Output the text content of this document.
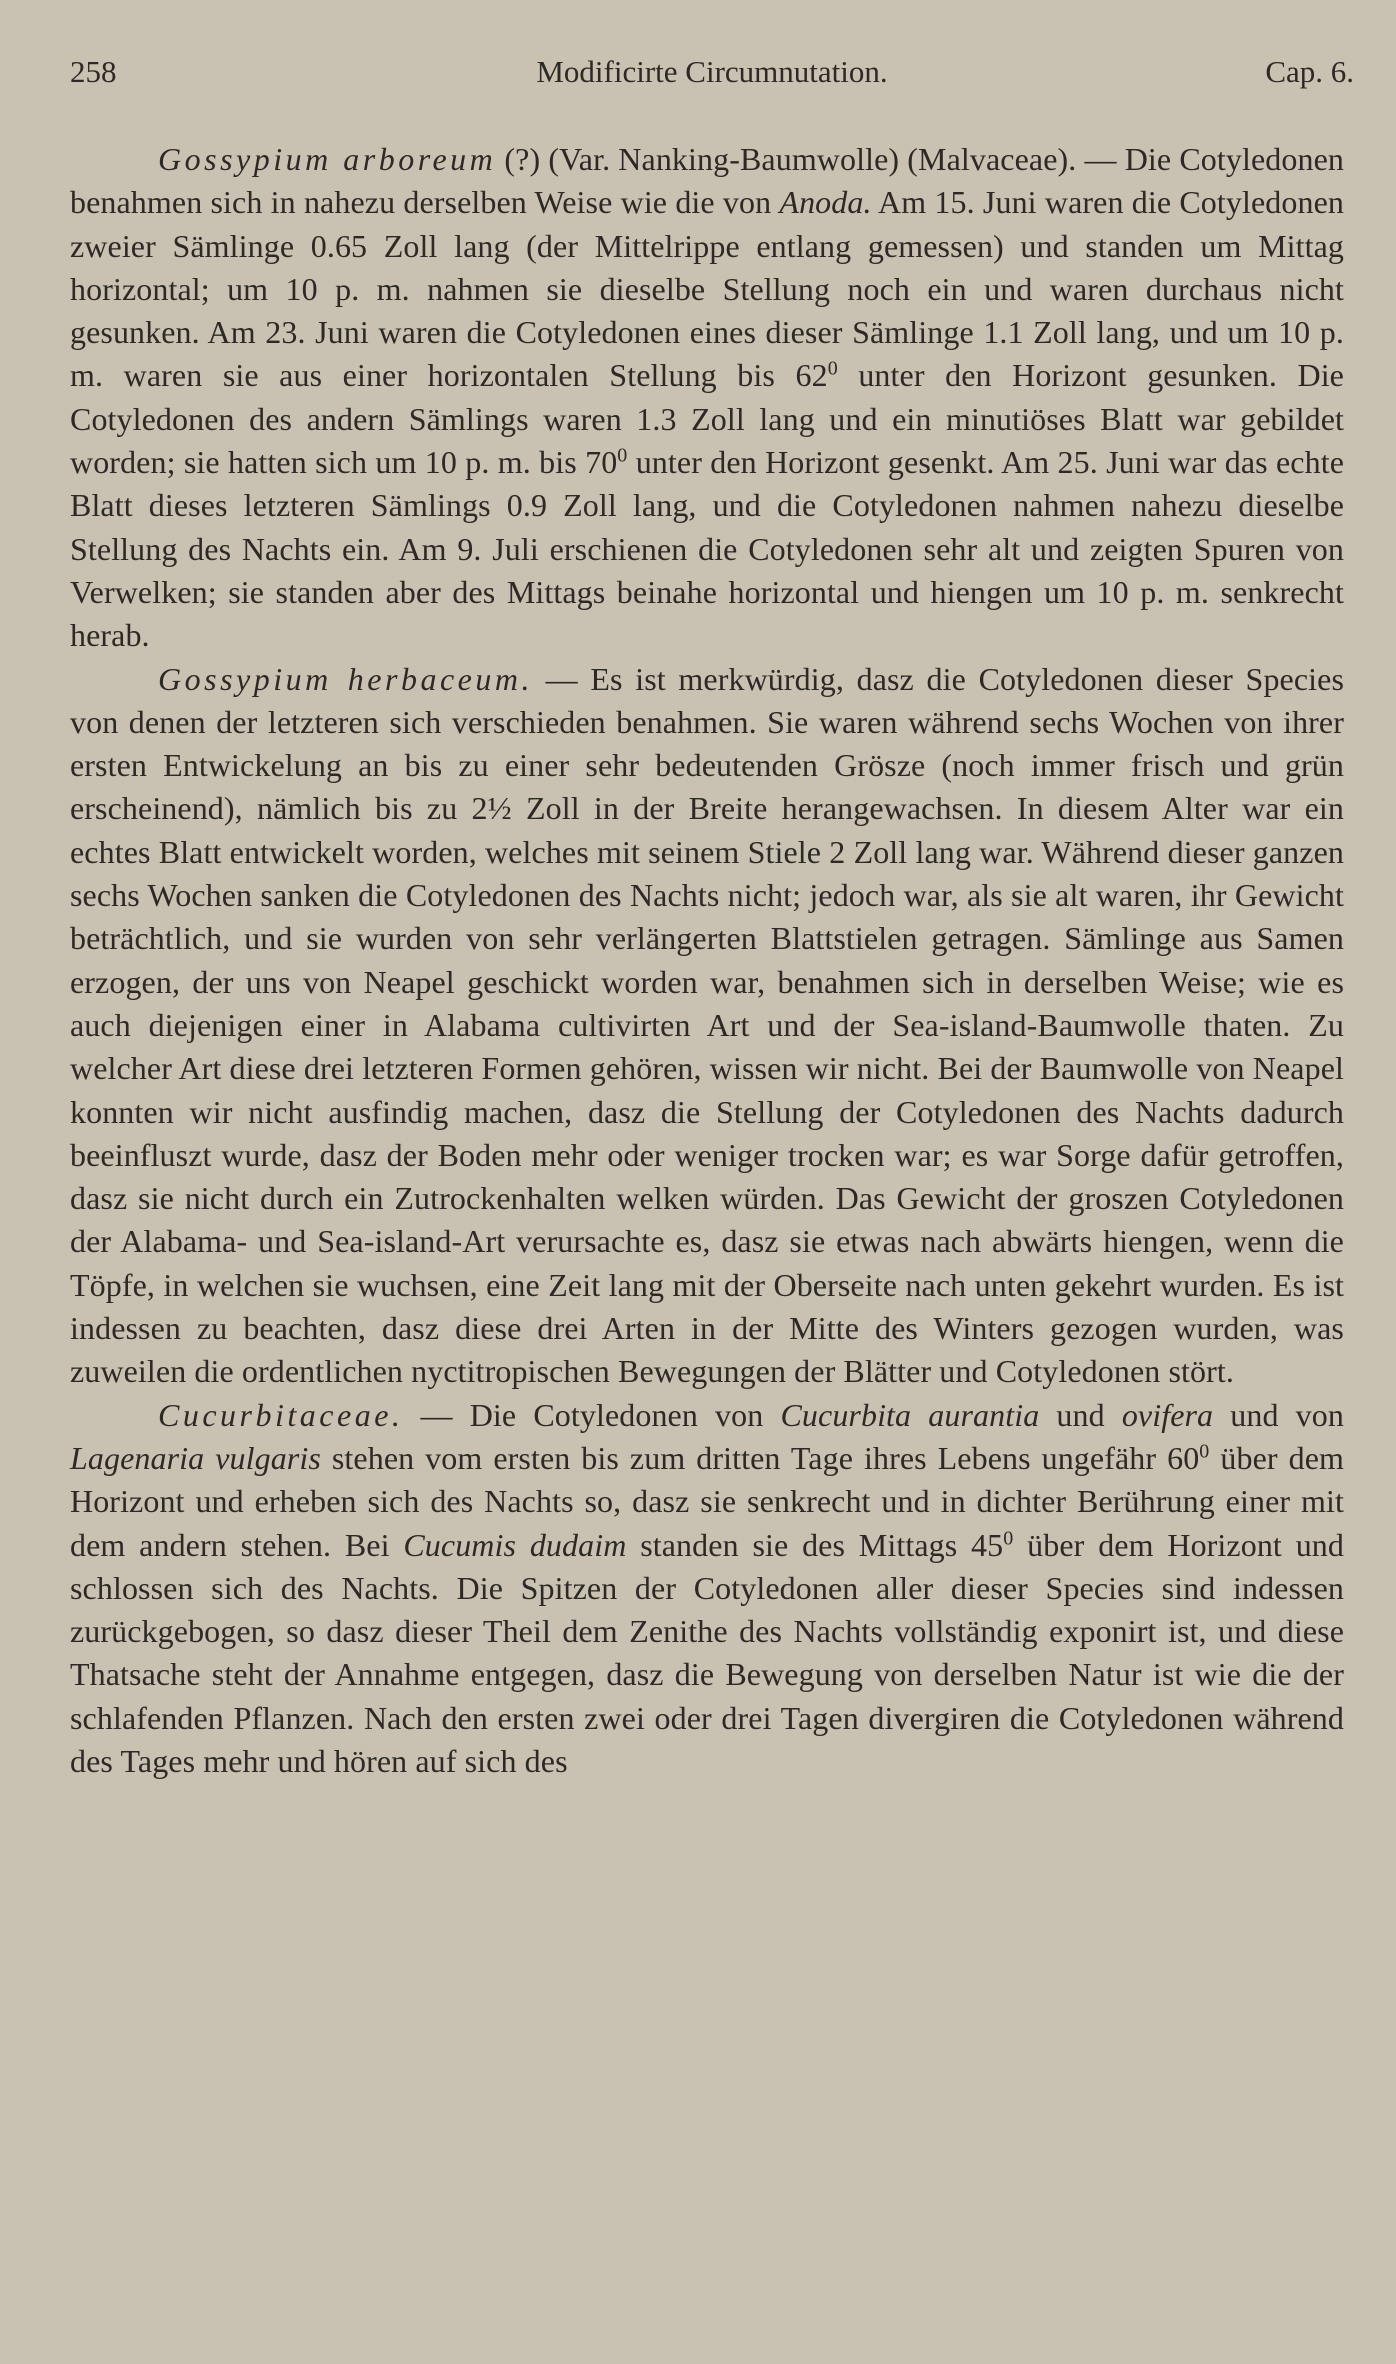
258	Modificirte Circumnutation.	Cap. 6.

Gossypium arboreum (?) (Var. Nanking-Baumwolle) (Malvaceae). — Die Cotyledonen benahmen sich in nahezu derselben Weise wie die von Anoda. Am 15. Juni waren die Cotyledonen zweier Sämlinge 0.65 Zoll lang (der Mittelrippe entlang gemessen) und standen um Mittag horizontal; um 10 p. m. nahmen sie dieselbe Stellung noch ein und waren durchaus nicht gesunken. Am 23. Juni waren die Cotyledonen eines dieser Sämlinge 1.1 Zoll lang, und um 10 p. m. waren sie aus einer horizontalen Stellung bis $62^0$ unter den Horizont gesunken. Die Cotyledonen des andern Sämlings waren 1.3 Zoll lang und ein minutiöses Blatt war gebildet worden; sie hatten sich um 10 p. m. bis $70^0$ unter den Horizont gesenkt. Am 25. Juni war das echte Blatt dieses letzteren Sämlings 0.9 Zoll lang, und die Cotyledonen nahmen nahezu dieselbe Stellung des Nachts ein. Am 9. Juli erschienen die Cotyledonen sehr alt und zeigten Spuren von Verwelken; sie standen aber des Mittags beinahe horizontal und hiengen um 10 p. m. senkrecht herab.

Gossypium herbaceum. — Es ist merkwürdig, dasz die Cotyledonen dieser Species von denen der letzteren sich verschieden benahmen. Sie waren während sechs Wochen von ihrer ersten Entwickelung an bis zu einer sehr bedeutenden Grösze (noch immer frisch und grün erscheinend), nämlich bis zu 2½ Zoll in der Breite herangewachsen. In diesem Alter war ein echtes Blatt entwickelt worden, welches mit seinem Stiele 2 Zoll lang war. Während dieser ganzen sechs Wochen sanken die Cotyledonen des Nachts nicht; jedoch war, als sie alt waren, ihr Gewicht beträchtlich, und sie wurden von sehr verlängerten Blattstielen getragen. Sämlinge aus Samen erzogen, der uns von Neapel geschickt worden war, benahmen sich in derselben Weise; wie es auch diejenigen einer in Alabama cultivirten Art und der Sea-island-Baumwolle thaten. Zu welcher Art diese drei letzteren Formen gehören, wissen wir nicht. Bei der Baumwolle von Neapel konnten wir nicht ausfindig machen, dasz die Stellung der Cotyledonen des Nachts dadurch beeinfluszt wurde, dasz der Boden mehr oder weniger trocken war; es war Sorge dafür getroffen, dasz sie nicht durch ein Zutrockenhalten welken würden. Das Gewicht der groszen Cotyledonen der Alabama- und Sea-island-Art verursachte es, dasz sie etwas nach abwärts hiengen, wenn die Töpfe, in welchen sie wuchsen, eine Zeit lang mit der Oberseite nach unten gekehrt wurden. Es ist indessen zu beachten, dasz diese drei Arten in der Mitte des Winters gezogen wurden, was zuweilen die ordentlichen nyctitropischen Bewegungen der Blätter und Cotyledonen stört.

Cucurbitaceae. — Die Cotyledonen von Cucurbita aurantia und ovifera und von Lagenaria vulgaris stehen vom ersten bis zum dritten Tage ihres Lebens ungefähr $60^0$ über dem Horizont und erheben sich des Nachts so, dasz sie senkrecht und in dichter Berührung einer mit dem andern stehen. Bei Cucumis dudaim standen sie des Mittags $45^0$ über dem Horizont und schlossen sich des Nachts. Die Spitzen der Cotyledonen aller dieser Species sind indessen zurückgebogen, so dasz dieser Theil dem Zenithe des Nachts vollständig exponirt ist, und diese Thatsache steht der Annahme entgegen, dasz die Bewegung von derselben Natur ist wie die der schlafenden Pflanzen. Nach den ersten zwei oder drei Tagen divergiren die Cotyledonen während des Tages mehr und hören auf sich des
